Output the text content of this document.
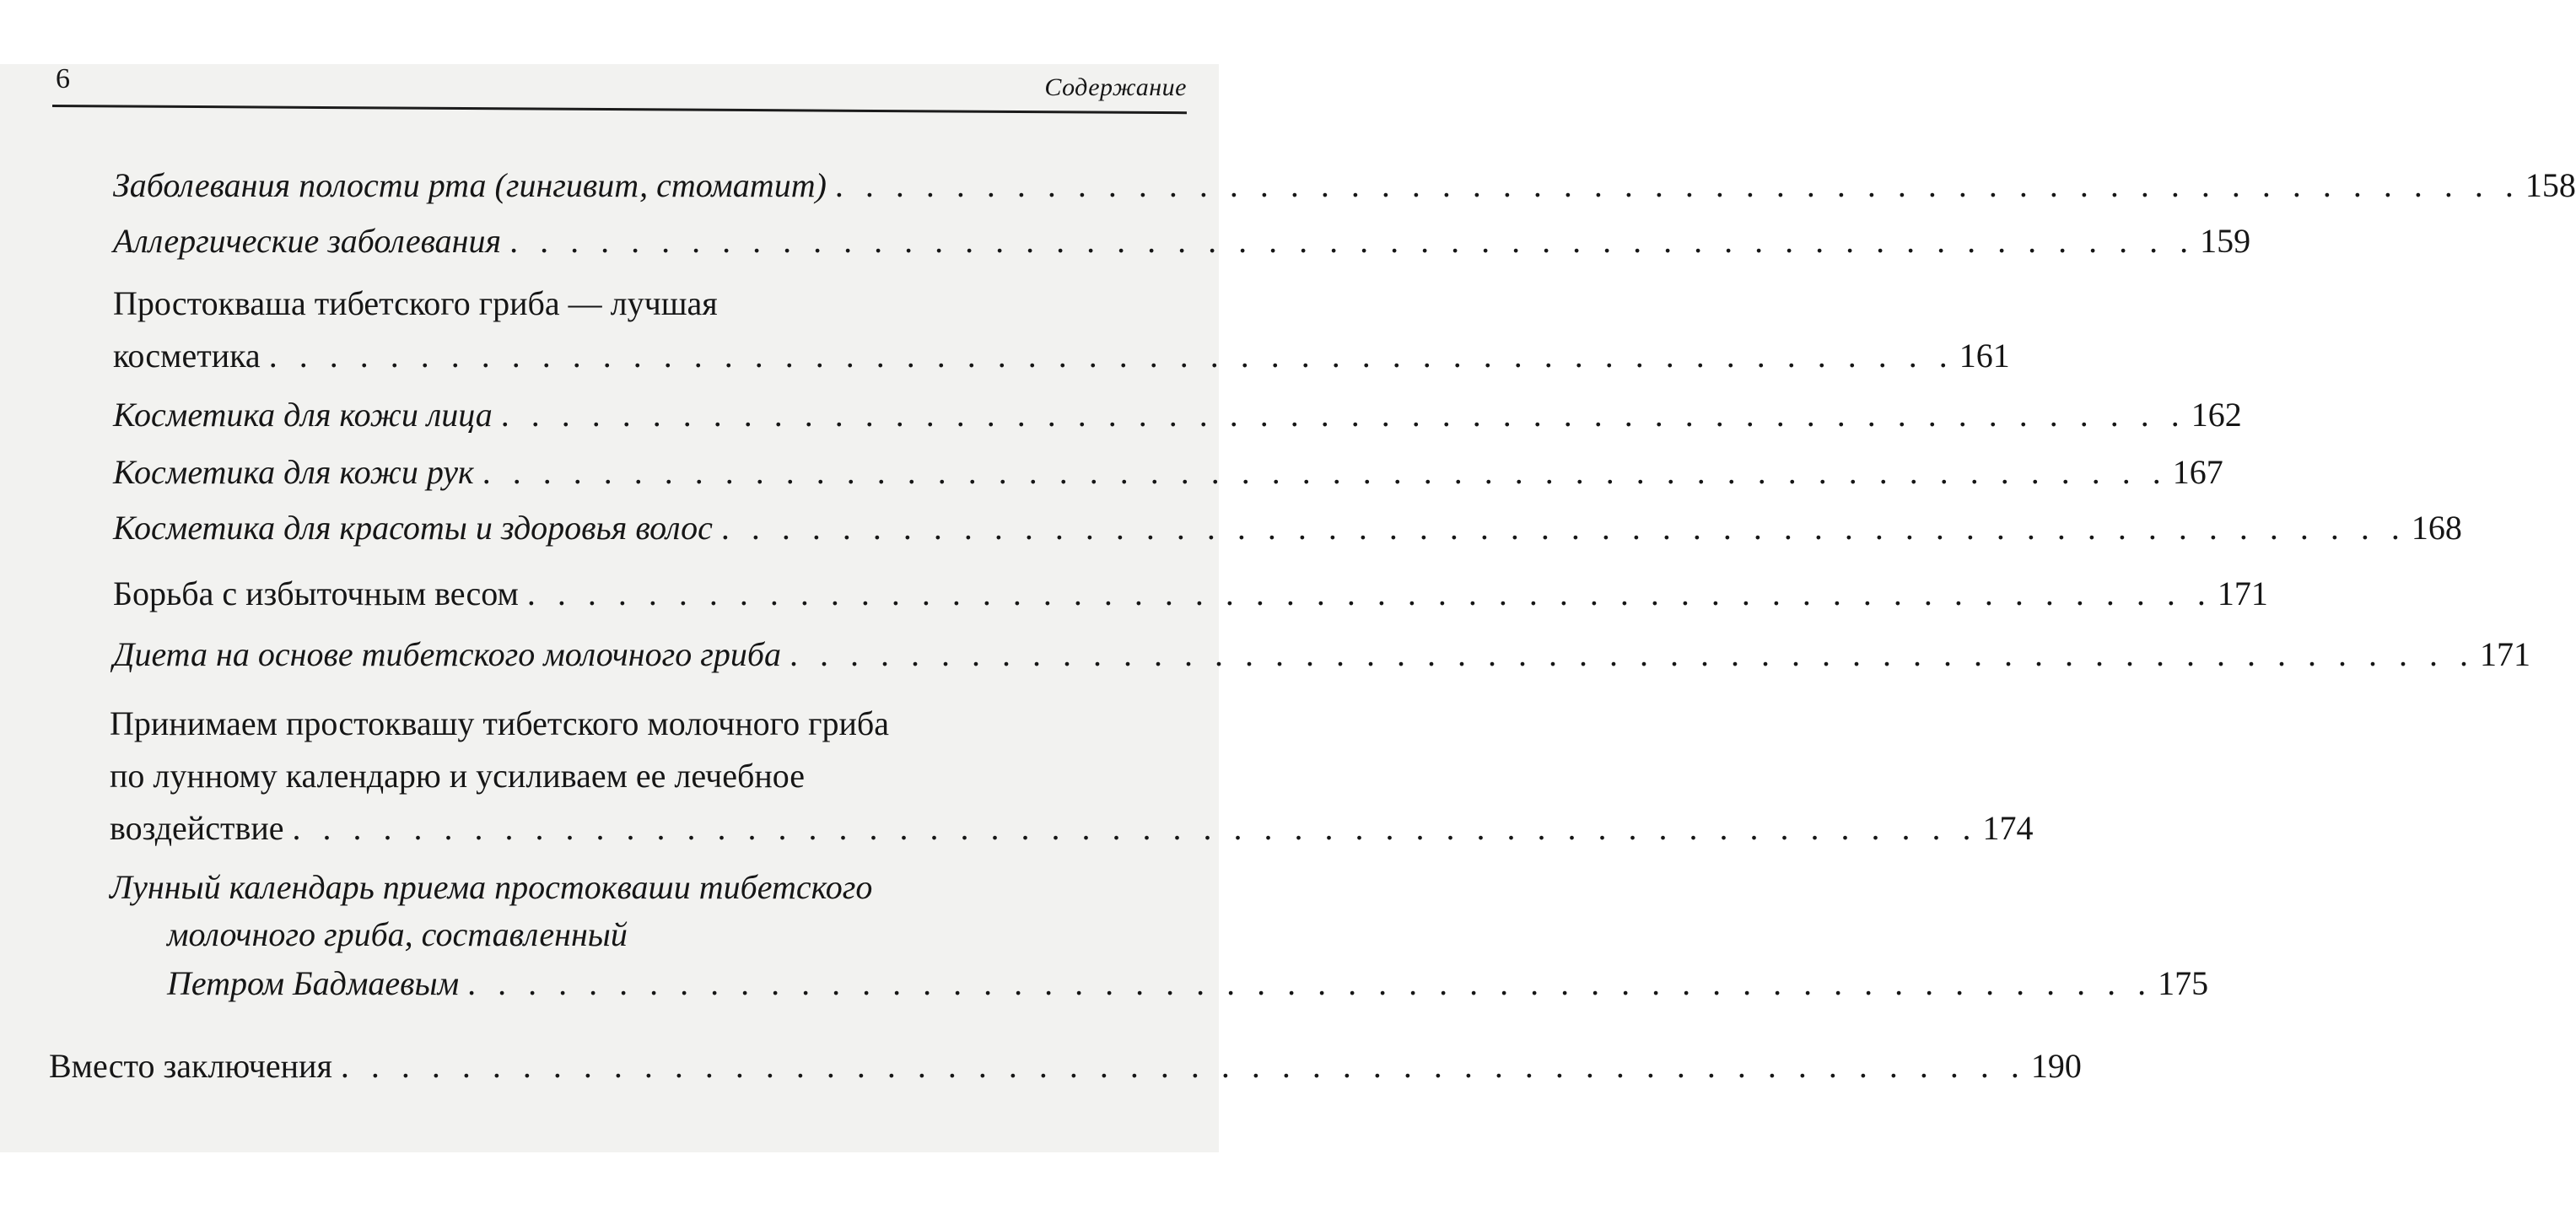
6	Содержание
Заболевания полости рта (гингивит, стоматит) . . . . . . . . . . . . . . . . . . . . . . . . . . . . . . . . . . . . . . . . . . . . . . . . . . . . . . . . 158
Аллергические заболевания . . . . . . . . . . . . . . . . . . . . . . . . . . . . . . . . . . . . . . . . . . . . . . . . . . . . . . . . 159
Простокваша тибетского гриба — лучшая
косметика . . . . . . . . . . . . . . . . . . . . . . . . . . . . . . . . . . . . . . . . . . . . . . . . . . . . . . . . 161
Косметика для кожи лица . . . . . . . . . . . . . . . . . . . . . . . . . . . . . . . . . . . . . . . . . . . . . . . . . . . . . . . . 162
Косметика для кожи рук . . . . . . . . . . . . . . . . . . . . . . . . . . . . . . . . . . . . . . . . . . . . . . . . . . . . . . . . 167
Косметика для красоты и здоровья волос . . . . . . . . . . . . . . . . . . . . . . . . . . . . . . . . . . . . . . . . . . . . . . . . . . . . . . . . 168
Борьба с избыточным весом . . . . . . . . . . . . . . . . . . . . . . . . . . . . . . . . . . . . . . . . . . . . . . . . . . . . . . . . 171
Диета на основе тибетского молочного гриба . . . . . . . . . . . . . . . . . . . . . . . . . . . . . . . . . . . . . . . . . . . . . . . . . . . . . . . . 171
Принимаем простоквашу тибетского молочного гриба
по лунному календарю и усиливаем ее лечебное
воздействие . . . . . . . . . . . . . . . . . . . . . . . . . . . . . . . . . . . . . . . . . . . . . . . . . . . . . . . . 174
Лунный календарь приема простокваши тибетского
молочного гриба, составленный
Петром Бадмаевым . . . . . . . . . . . . . . . . . . . . . . . . . . . . . . . . . . . . . . . . . . . . . . . . . . . . . . . . 175
Вместо заключения . . . . . . . . . . . . . . . . . . . . . . . . . . . . . . . . . . . . . . . . . . . . . . . . . . . . . . . . 190
